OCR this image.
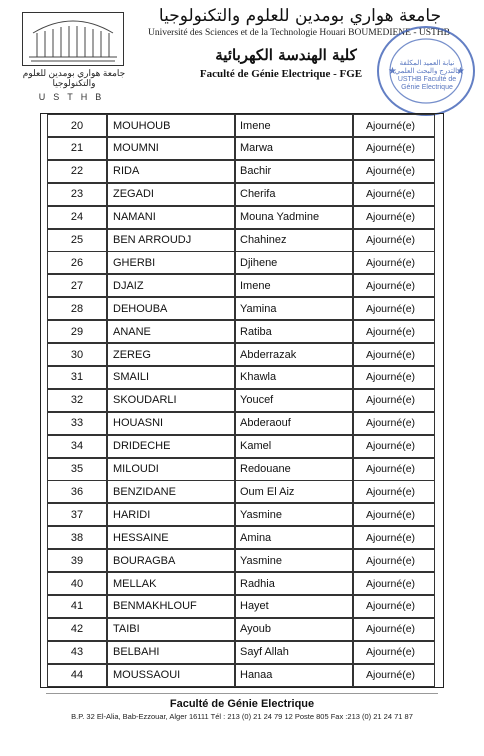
جامعة هواري بومدين للعلوم والتكنولوجيا
USTHB
جامعة هواري بومدين للعلوم والتكنولوجيا
Université des Sciences et de la Technologie Houari BOUMEDIENE - USTHB
كلية الهندسة الكهربائية
Faculté de Génie Electrique - FGE	★	★
نيابة العميد المكلفة بالتدرج والبحث العلمي USTHB Faculté de Génie Electrique
20	MOUHOUB	Imene	Ajourné(e)
21	MOUMNI	Marwa	Ajourné(e)
22	RIDA	Bachir	Ajourné(e)
23	ZEGADI	Cherifa	Ajourné(e)
24	NAMANI	Mouna Yadmine	Ajourné(e)
25	BEN ARROUDJ	Chahinez	Ajourné(e)
26	GHERBI	Djihene	Ajourné(e)
27	DJAIZ	Imene	Ajourné(e)
28	DEHOUBA	Yamina	Ajourné(e)
29	ANANE	Ratiba	Ajourné(e)
30	ZEREG	Abderrazak	Ajourné(e)
31	SMAILI	Khawla	Ajourné(e)
32	SKOUDARLI	Youcef	Ajourné(e)
33	HOUASNI	Abderaouf	Ajourné(e)
34	DRIDECHE	Kamel	Ajourné(e)
35	MILOUDI	Redouane	Ajourné(e)
36	BENZIDANE	Oum El Aiz	Ajourné(e)
37	HARIDI	Yasmine	Ajourné(e)
38	HESSAINE	Amina	Ajourné(e)
39	BOURAGBA	Yasmine	Ajourné(e)
40	MELLAK	Radhia	Ajourné(e)
41	BENMAKHLOUF	Hayet	Ajourné(e)
42	TAIBI	Ayoub	Ajourné(e)
43	BELBAHI	Sayf Allah	Ajourné(e)
44	MOUSSAOUI	Hanaa	Ajourné(e)
Faculté de Génie Electrique
B.P. 32 El-Alia, Bab-Ezzouar, Alger 16111 Tél : 213 (0) 21 24 79 12 Poste 805 Fax :213 (0) 21 24 71 87
